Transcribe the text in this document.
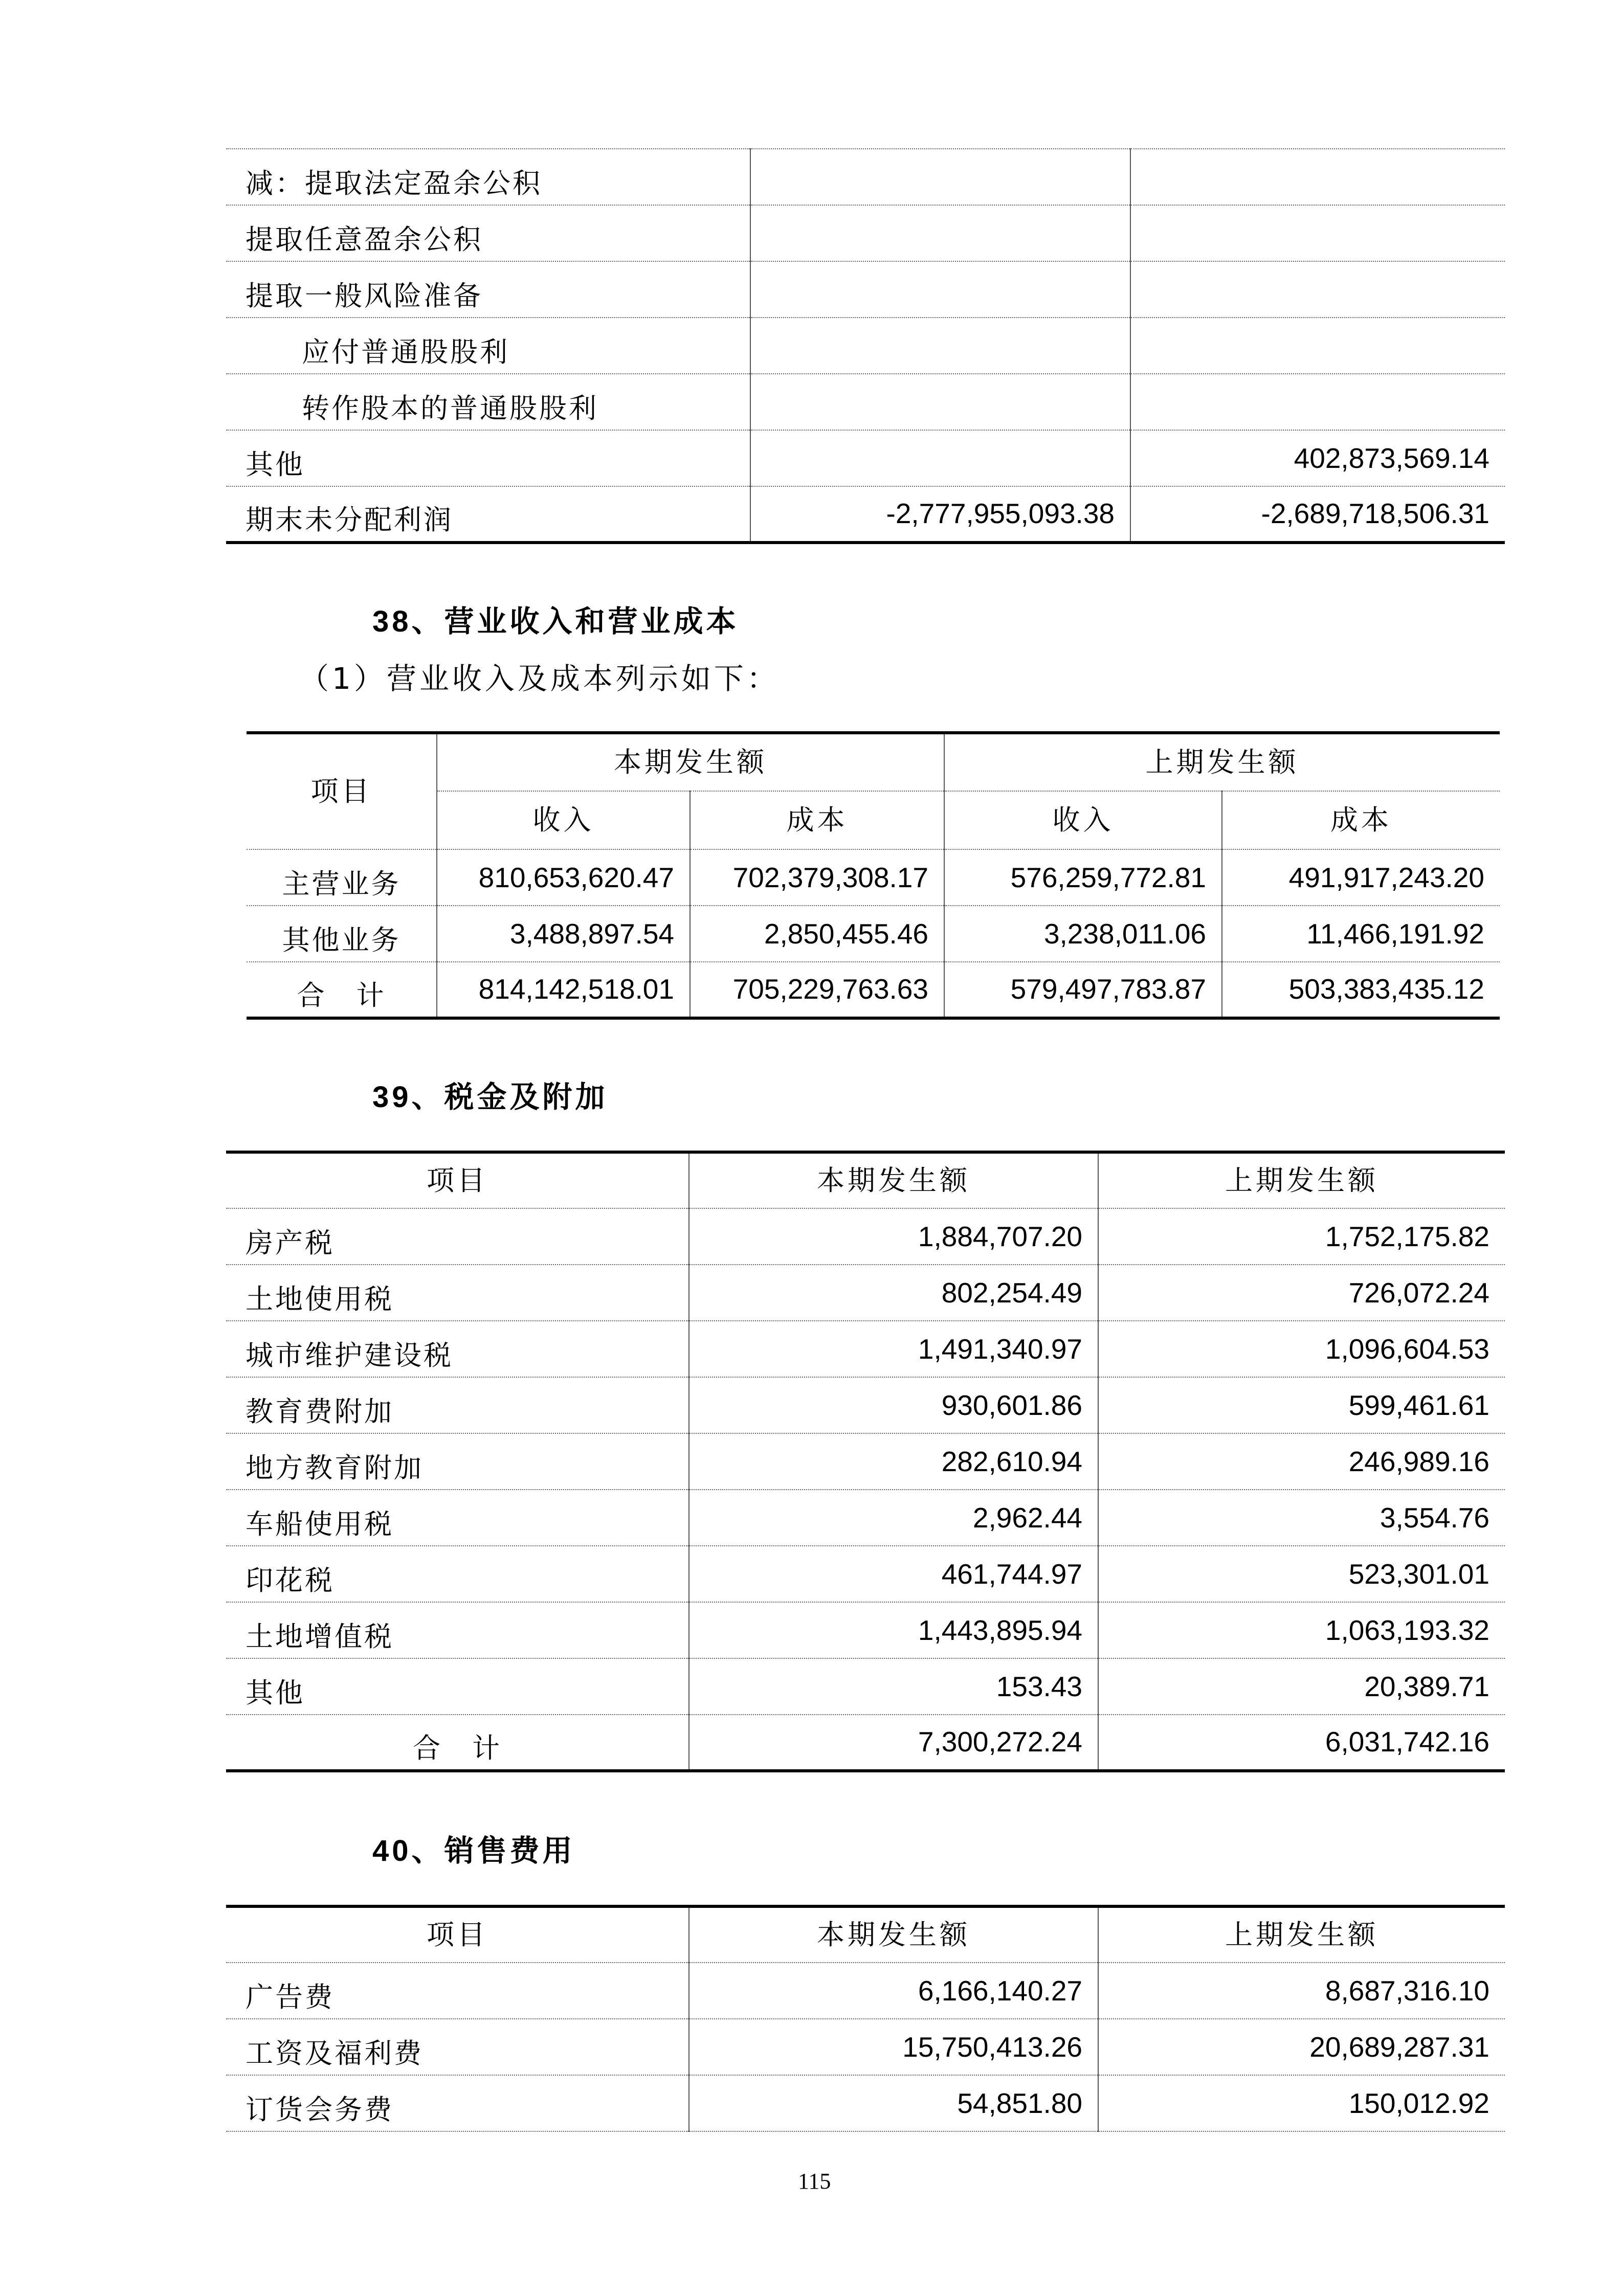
减：提取法定盈余公积		
提取任意盈余公积		
提取一般风险准备		
应付普通股股利		
转作股本的普通股股利		
其他		402,873,569.14
期末未分配利润	-2,777,955,093.38	-2,689,718,506.31
38、营业收入和营业成本
（1）营业收入及成本列示如下：
项目	本期发生额		上期发生额	
	收入	成本	收入	成本
主营业务	810,653,620.47	702,379,308.17	576,259,772.81	491,917,243.20
其他业务	3,488,897.54	2,850,455.46	3,238,011.06	11,466,191.92
合　计	814,142,518.01	705,229,763.63	579,497,783.87	503,383,435.12
39、税金及附加
项目	本期发生额	上期发生额
房产税	1,884,707.20	1,752,175.82
土地使用税	802,254.49	726,072.24
城市维护建设税	1,491,340.97	1,096,604.53
教育费附加	930,601.86	599,461.61
地方教育附加	282,610.94	246,989.16
车船使用税	2,962.44	3,554.76
印花税	461,744.97	523,301.01
土地增值税	1,443,895.94	1,063,193.32
其他	153.43	20,389.71
合　计	7,300,272.24	6,031,742.16
40、销售费用
项目	本期发生额	上期发生额
广告费	6,166,140.27	8,687,316.10
工资及福利费	15,750,413.26	20,689,287.31
订货会务费	54,851.80	150,012.92
115
